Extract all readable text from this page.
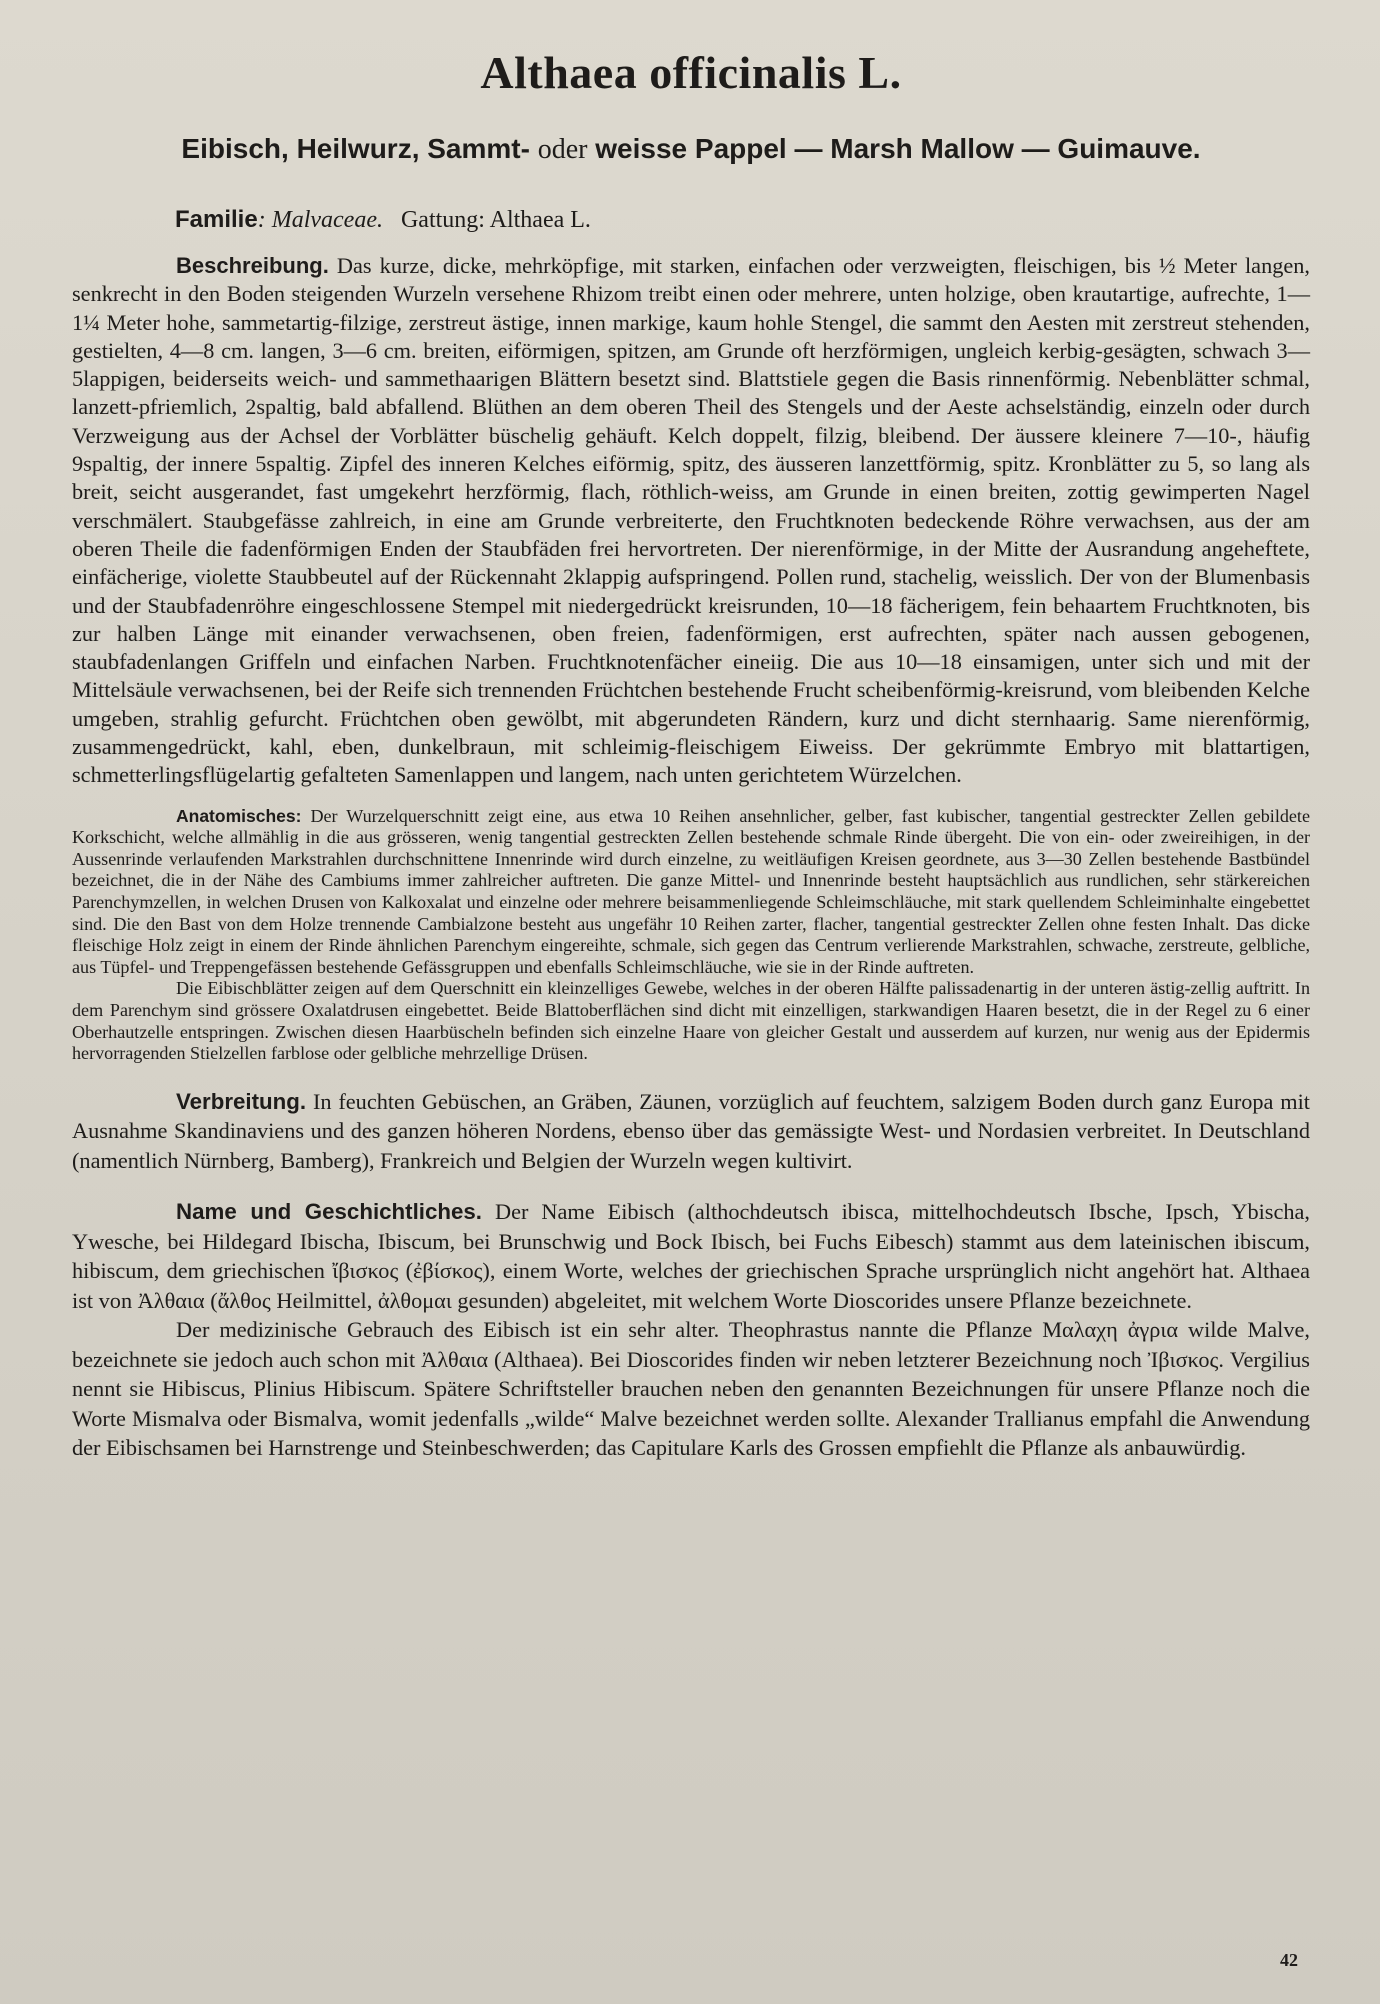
Althaea officinalis L.
Eibisch, Heilwurz, Sammt- oder weisse Pappel — Marsh Mallow — Guimauve.
Familie: Malvaceae. Gattung: Althaea L.

Beschreibung. Das kurze, dicke, mehrköpfige, mit starken, einfachen oder verzweigten, fleischigen, bis ½ Meter langen, senkrecht in den Boden steigenden Wurzeln versehene Rhizom treibt einen oder mehrere, unten holzige, oben krautartige, aufrechte, 1—1¼ Meter hohe, sammetartig-filzige, zerstreut ästige, innen markige, kaum hohle Stengel, die sammt den Aesten mit zerstreut stehenden, gestielten, 4—8 cm. langen, 3—6 cm. breiten, eiförmigen, spitzen, am Grunde oft herzförmigen, ungleich kerbig-gesägten, schwach 3—5lappigen, beiderseits weich- und sammethaarigen Blättern besetzt sind. Blattstiele gegen die Basis rinnenförmig. Nebenblätter schmal, lanzett-pfriemlich, 2spaltig, bald abfallend. Blüthen an dem oberen Theil des Stengels und der Aeste achselständig, einzeln oder durch Verzweigung aus der Achsel der Vorblätter büschelig gehäuft. Kelch doppelt, filzig, bleibend. Der äussere kleinere 7—10-, häufig 9spaltig, der innere 5spaltig. Zipfel des inneren Kelches eiförmig, spitz, des äusseren lanzettförmig, spitz. Kronblätter zu 5, so lang als breit, seicht ausgerandet, fast umgekehrt herzförmig, flach, röthlich-weiss, am Grunde in einen breiten, zottig gewimperten Nagel verschmälert. Staubgefässe zahlreich, in eine am Grunde verbreiterte, den Fruchtknoten bedeckende Röhre verwachsen, aus der am oberen Theile die fadenförmigen Enden der Staubfäden frei hervortreten. Der nierenförmige, in der Mitte der Ausrandung angeheftete, einfächerige, violette Staubbeutel auf der Rückennaht 2klappig aufspringend. Pollen rund, stachelig, weisslich. Der von der Blumenbasis und der Staubfadenröhre eingeschlossene Stempel mit niedergedrückt kreisrunden, 10—18 fächerigem, fein behaartem Fruchtknoten, bis zur halben Länge mit einander verwachsenen, oben freien, fadenförmigen, erst aufrechten, später nach aussen gebogenen, staubfadenlangen Griffeln und einfachen Narben. Fruchtknotenfächer eineiig. Die aus 10—18 einsamigen, unter sich und mit der Mittelsäule verwachsenen, bei der Reife sich trennenden Früchtchen bestehende Frucht scheibenförmig-kreisrund, vom bleibenden Kelche umgeben, strahlig gefurcht. Früchtchen oben gewölbt, mit abgerundeten Rändern, kurz und dicht sternhaarig. Same nierenförmig, zusammengedrückt, kahl, eben, dunkelbraun, mit schleimig-fleischigem Eiweiss. Der gekrümmte Embryo mit blattartigen, schmetterlingsflügelartig gefalteten Samenlappen und langem, nach unten gerichtetem Würzelchen.

Anatomisches: Der Wurzelquerschnitt zeigt eine, aus etwa 10 Reihen ansehnlicher, gelber, fast kubischer, tangential gestreckter Zellen gebildete Korkschicht, welche allmählig in die aus grösseren, wenig tangential gestreckten Zellen bestehende schmale Rinde übergeht. Die von ein- oder zweireihigen, in der Aussenrinde verlaufenden Markstrahlen durchschnittene Innenrinde wird durch einzelne, zu weitläufigen Kreisen geordnete, aus 3—30 Zellen bestehende Bastbündel bezeichnet, die in der Nähe des Cambiums immer zahlreicher auftreten. Die ganze Mittel- und Innenrinde besteht hauptsächlich aus rundlichen, sehr stärkereichen Parenchymzellen, in welchen Drusen von Kalkoxalat und einzelne oder mehrere beisammenliegende Schleimschläuche, mit stark quellendem Schleiminhalte eingebettet sind. Die den Bast von dem Holze trennende Cambialzone besteht aus ungefähr 10 Reihen zarter, flacher, tangential gestreckter Zellen ohne festen Inhalt. Das dicke fleischige Holz zeigt in einem der Rinde ähnlichen Parenchym eingereihte, schmale, sich gegen das Centrum verlierende Markstrahlen, schwache, zerstreute, gelbliche, aus Tüpfel- und Treppengefässen bestehende Gefässgruppen und ebenfalls Schleimschläuche, wie sie in der Rinde auftreten.

Die Eibischblätter zeigen auf dem Querschnitt ein kleinzelliges Gewebe, welches in der oberen Hälfte palissadenartig in der unteren ästig-zellig auftritt. In dem Parenchym sind grössere Oxalatdrusen eingebettet. Beide Blattoberflächen sind dicht mit einzelligen, starkwandigen Haaren besetzt, die in der Regel zu 6 einer Oberhautzelle entspringen. Zwischen diesen Haarbüscheln befinden sich einzelne Haare von gleicher Gestalt und ausserdem auf kurzen, nur wenig aus der Epidermis hervorragenden Stielzellen farblose oder gelbliche mehrzellige Drüsen.

Verbreitung. In feuchten Gebüschen, an Gräben, Zäunen, vorzüglich auf feuchtem, salzigem Boden durch ganz Europa mit Ausnahme Skandinaviens und des ganzen höheren Nordens, ebenso über das gemässigte West- und Nordasien verbreitet. In Deutschland (namentlich Nürnberg, Bamberg), Frankreich und Belgien der Wurzeln wegen kultivirt.

Name und Geschichtliches. Der Name Eibisch (althochdeutsch ibisca, mittelhochdeutsch Ibsche, Ipsch, Ybischa, Ywesche, bei Hildegard Ibischa, Ibiscum, bei Brunschwig und Bock Ibisch, bei Fuchs Eibesch) stammt aus dem lateinischen ibiscum, hibiscum, dem griechischen ἴβισκος (ἐβίσκος), einem Worte, welches der griechischen Sprache ursprünglich nicht angehört hat. Althaea ist von Ἀλθαια (ἄλθος Heilmittel, ἀλθομαι gesunden) abgeleitet, mit welchem Worte Dioscorides unsere Pflanze bezeichnete.

Der medizinische Gebrauch des Eibisch ist ein sehr alter. Theophrastus nannte die Pflanze Μαλαχη ἀγρια wilde Malve, bezeichnete sie jedoch auch schon mit Ἀλθαια (Althaea). Bei Dioscorides finden wir neben letzterer Bezeichnung noch Ἰβισκος. Vergilius nennt sie Hibiscus, Plinius Hibiscum. Spätere Schriftsteller brauchen neben den genannten Bezeichnungen für unsere Pflanze noch die Worte Mismalva oder Bismalva, womit jedenfalls „wilde“ Malve bezeichnet werden sollte. Alexander Trallianus empfahl die Anwendung der Eibischsamen bei Harnstrenge und Steinbeschwerden; das Capitulare Karls des Grossen empfiehlt die Pflanze als anbauwürdig.

42
